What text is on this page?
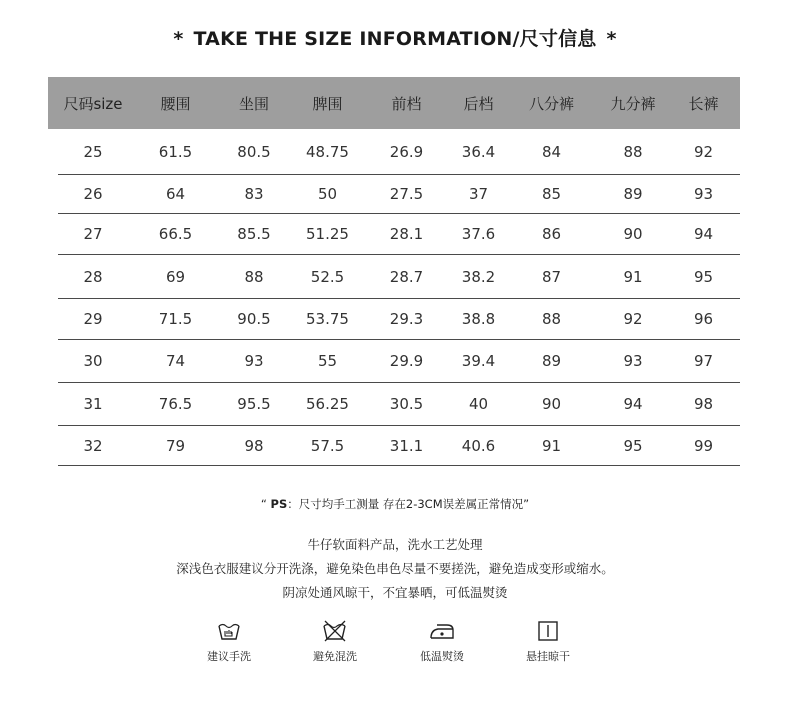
* TAKE THE SIZE INFORMATION/尺寸信息 *
尺码size	腰围	坐围	脾围	前档	后档	八分裤	九分裤	长裤
25	61.5	80.5	48.75	26.9	36.4	84	88	92
26	64	83	50	27.5	37	85	89	93
27	66.5	85.5	51.25	28.1	37.6	86	90	94
28	69	88	52.5	28.7	38.2	87	91	95
29	71.5	90.5	53.75	29.3	38.8	88	92	96
30	74	93	55	29.9	39.4	89	93	97
31	76.5	95.5	56.25	30.5	40	90	94	98
32	79	98	57.5	31.1	40.6	91	95	99
“ PS：尺寸均手工测量 存在2-3CM误差属正常情况”
牛仔软面料产品，洗水工艺处理
深浅色衣服建议分开洗涤，避免染色串色尽量不要搓洗，避免造成变形或缩水。
阴凉处通风晾干，不宜暴晒，可低温熨烫
建议手洗	避免混洗	低温熨烫	悬挂晾干
